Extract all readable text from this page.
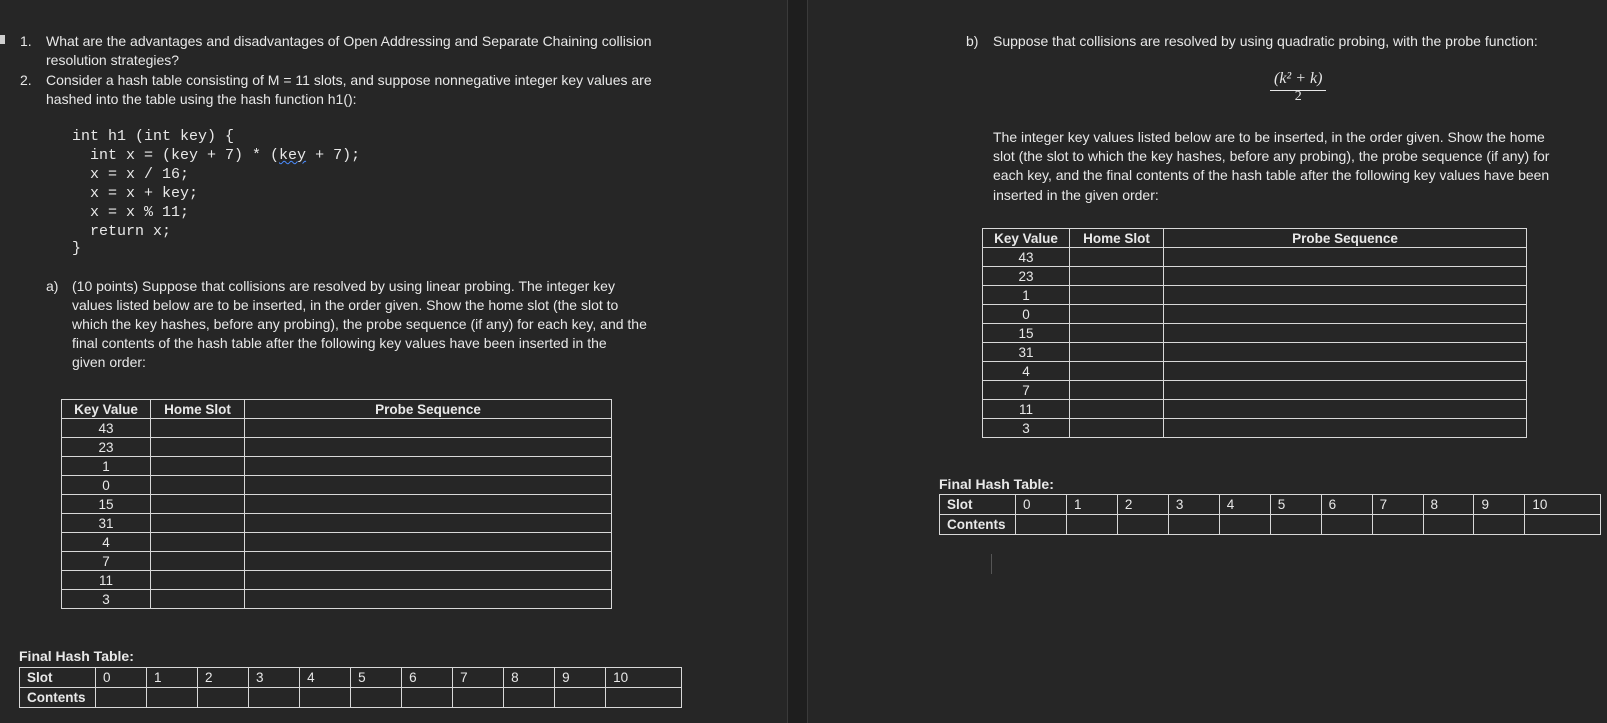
1. What are the advantages and disadvantages of Open Addressing and Separate Chaining collision
resolution strategies?
2. Consider a hash table consisting of M = 11 slots, and suppose nonnegative integer key values are
hashed into the table using the hash function h1():
int h1 (int key) {
int x = (key + 7) * (key + 7);
x = x / 16;
x = x + key;
x = x % 11;
return x;
}
a) (10 points) Suppose that collisions are resolved by using linear probing. The integer key
values listed below are to be inserted, in the order given. Show the home slot (the slot to
which the key hashes, before any probing), the probe sequence (if any) for each key, and the
final contents of the hash table after the following key values have been inserted in the
given order:
Key Value	Home Slot	Probe Sequence
43		
23		
1		
0		
15		
31		
4		
7		
11		
3		
Final Hash Table:
Slot	0	1	2	3	4	5	6	7	8	9	10
Contents											
b) Suppose that collisions are resolved by using quadratic probing, with the probe function:
$\frac{\text{(k² + k)}}{2}$
The integer key values listed below are to be inserted, in the order given. Show the home
slot (the slot to which the key hashes, before any probing), the probe sequence (if any) for
each key, and the final contents of the hash table after the following key values have been
inserted in the given order:
Key Value	Home Slot	Probe Sequence
43		
23		
1		
0		
15		
31		
4		
7		
11		
3		
Final Hash Table:
Slot	0	1	2	3	4	5	6	7	8	9	10
Contents											
